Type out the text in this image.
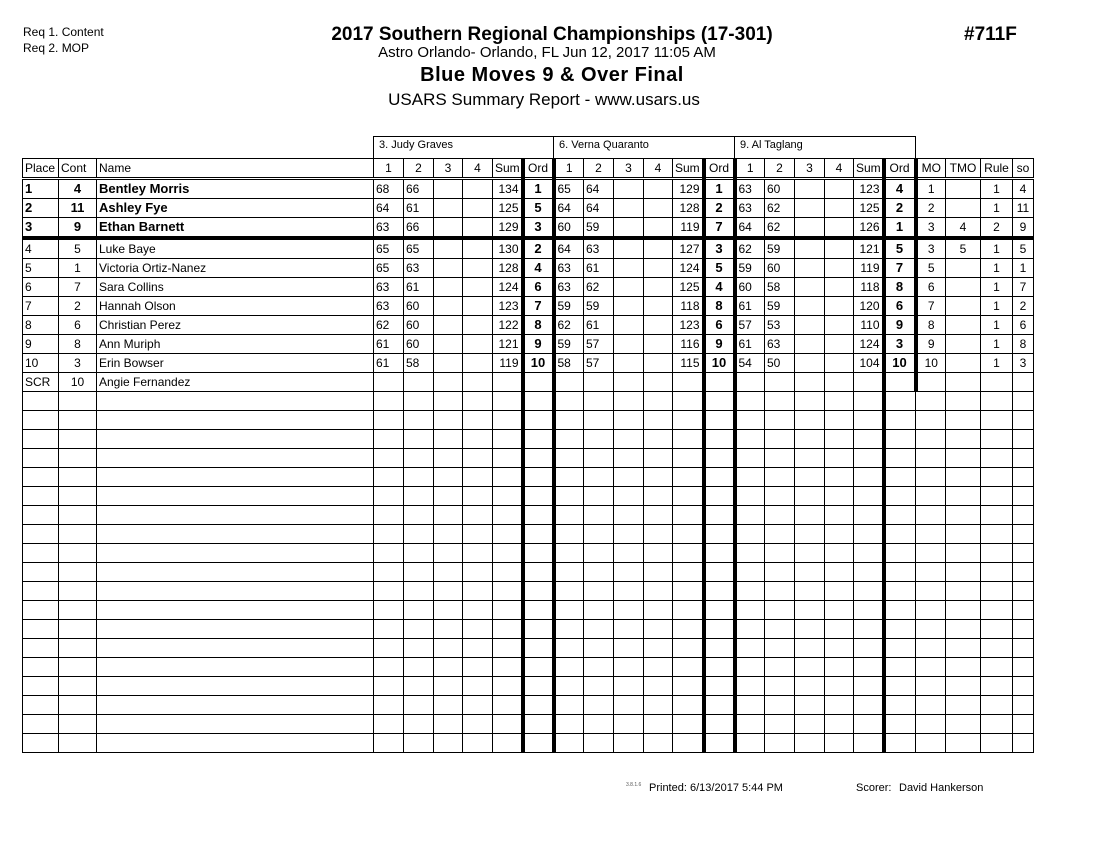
Req 1. Content
Req 2. MOP
2017 Southern Regional Championships (17-301)
Astro Orlando- Orlando, FL Jun 12, 2017 11:05 AM
Blue Moves 9 & Over Final
USARS Summary Report - www.usars.us
#711F
3. Judy Graves	6. Verna Quaranto	9. Al Taglang
Place	Cont	Name	1	2	3	4	Sum	Ord	1	2	3	4	Sum	Ord	1	2	3	4	Sum	Ord	MO	TMO	Rule	so
1	4	Bentley Morris	68	66			134	1	65	64			129	1	63	60			123	4	1		1	4
2	11	Ashley Fye	64	61			125	5	64	64			128	2	63	62			125	2	2		1	11
3	9	Ethan Barnett	63	66			129	3	60	59			119	7	64	62			126	1	3	4	2	9
4	5	Luke Baye	65	65			130	2	64	63			127	3	62	59			121	5	3	5	1	5
5	1	Victoria Ortiz-Nanez	65	63			128	4	63	61			124	5	59	60			119	7	5		1	1
6	7	Sara Collins	63	61			124	6	63	62			125	4	60	58			118	8	6		1	7
7	2	Hannah Olson	63	60			123	7	59	59			118	8	61	59			120	6	7		1	2
8	6	Christian Perez	62	60			122	8	62	61			123	6	57	53			110	9	8		1	6
9	8	Ann Muriph	61	60			121	9	59	57			116	9	61	63			124	3	9		1	8
10	3	Erin Bowser	61	58			119	10	58	57			115	10	54	50			104	10	10		1	3
SCR	10	Angie Fernandez																						

3.8.1.6 Printed: 6/13/2017 5:44 PM	Scorer: David Hankerson
